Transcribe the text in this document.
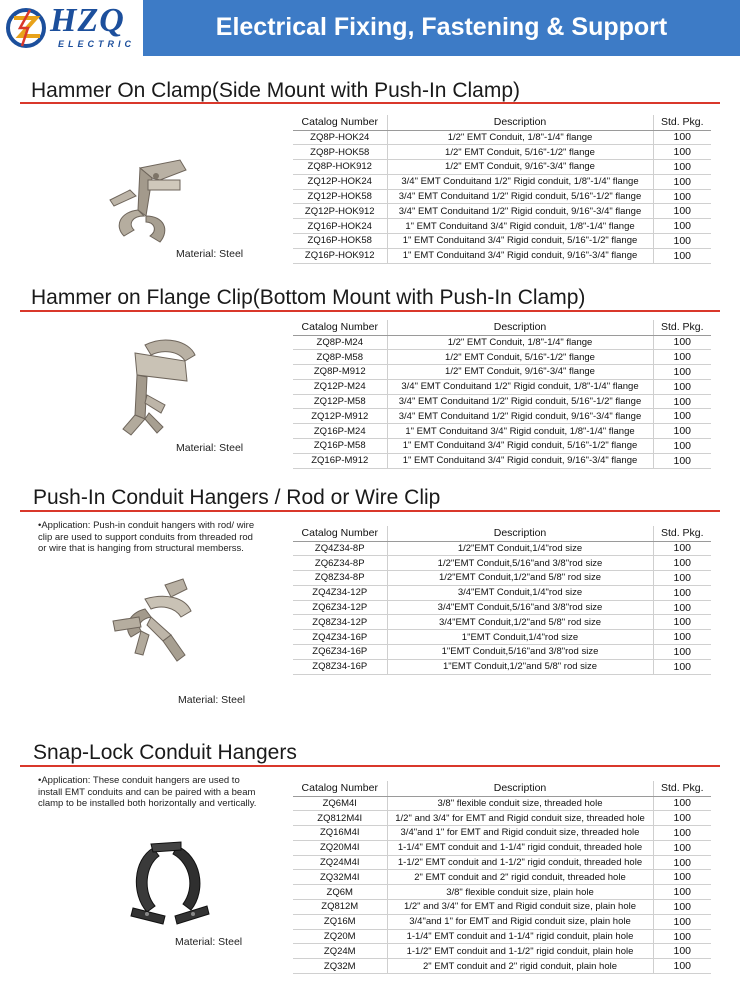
HZQ
ELECTRIC
Electrical Fixing, Fastening & Support
Hammer On Clamp(Side Mount with Push-In Clamp)
Material: Steel
Catalog Number	Description	Std. Pkg.
ZQ8P-HOK24	1/2" EMT Conduit, 1/8"-1/4" flange	100
ZQ8P-HOK58	1/2" EMT Conduit, 5/16"-1/2" flange	100
ZQ8P-HOK912	1/2" EMT Conduit, 9/16"-3/4" flange	100
ZQ12P-HOK24	3/4" EMT Conduitand 1/2" Rigid conduit, 1/8"-1/4" flange	100
ZQ12P-HOK58	3/4" EMT Conduitand 1/2" Rigid conduit, 5/16"-1/2" flange	100
ZQ12P-HOK912	3/4" EMT Conduitand 1/2" Rigid conduit, 9/16"-3/4" flange	100
ZQ16P-HOK24	1" EMT Conduitand 3/4" Rigid conduit, 1/8"-1/4" flange	100
ZQ16P-HOK58	1" EMT Conduitand 3/4" Rigid conduit, 5/16"-1/2" flange	100
ZQ16P-HOK912	1" EMT Conduitand 3/4" Rigid conduit, 9/16"-3/4" flange	100
Hammer on Flange Clip(Bottom Mount with Push-In Clamp)
Material: Steel
Catalog Number	Description	Std. Pkg.
ZQ8P-M24	1/2" EMT Conduit, 1/8"-1/4" flange	100
ZQ8P-M58	1/2" EMT Conduit, 5/16"-1/2" flange	100
ZQ8P-M912	1/2" EMT Conduit, 9/16"-3/4" flange	100
ZQ12P-M24	3/4" EMT Conduitand 1/2" Rigid conduit, 1/8"-1/4" flange	100
ZQ12P-M58	3/4" EMT Conduitand 1/2" Rigid conduit, 5/16"-1/2" flange	100
ZQ12P-M912	3/4" EMT Conduitand 1/2" Rigid conduit, 9/16"-3/4" flange	100
ZQ16P-M24	1" EMT Conduitand 3/4" Rigid conduit, 1/8"-1/4" flange	100
ZQ16P-M58	1" EMT Conduitand 3/4" Rigid conduit, 5/16"-1/2" flange	100
ZQ16P-M912	1" EMT Conduitand 3/4" Rigid conduit, 9/16"-3/4" flange	100
Push-In Conduit Hangers / Rod or Wire Clip
•Application: Push-in conduit hangers with rod/ wire clip are used to support conduits from threaded rod or wire that is hanging from structural memberss.
Material: Steel
Catalog Number	Description	Std. Pkg.
ZQ4Z34-8P	1/2"EMT Conduit,1/4"rod size	100
ZQ6Z34-8P	1/2"EMT Conduit,5/16"and 3/8"rod size	100
ZQ8Z34-8P	1/2"EMT Conduit,1/2"and 5/8" rod size	100
ZQ4Z34-12P	3/4"EMT Conduit,1/4"rod size	100
ZQ6Z34-12P	3/4"EMT Conduit,5/16"and 3/8"rod size	100
ZQ8Z34-12P	3/4"EMT Conduit,1/2"and 5/8" rod size	100
ZQ4Z34-16P	1"EMT Conduit,1/4"rod size	100
ZQ6Z34-16P	1"EMT Conduit,5/16"and 3/8"rod size	100
ZQ8Z34-16P	1"EMT Conduit,1/2"and 5/8" rod size	100
Snap-Lock Conduit Hangers
•Application: These conduit hangers are used to install EMT conduits and can be paired with a beam clamp to be installed both horizontally and vertically.
Material: Steel
Catalog Number	Description	Std. Pkg.
ZQ6M4I	3/8" flexible conduit size, threaded hole	100
ZQ812M4I	1/2" and 3/4" for EMT and Rigid conduit size, threaded hole	100
ZQ16M4I	3/4"and 1" for EMT and Rigid conduit size, threaded hole	100
ZQ20M4I	1-1/4" EMT conduit and 1-1/4" rigid conduit, threaded hole	100
ZQ24M4I	1-1/2" EMT conduit and 1-1/2" rigid conduit, threaded hole	100
ZQ32M4I	2" EMT conduit and 2" rigid conduit, threaded hole	100
ZQ6M	3/8" flexible conduit size, plain hole	100
ZQ812M	1/2" and 3/4" for EMT and Rigid conduit size, plain hole	100
ZQ16M	3/4"and 1" for EMT and Rigid conduit size, plain hole	100
ZQ20M	1-1/4" EMT conduit and 1-1/4" rigid conduit, plain hole	100
ZQ24M	1-1/2" EMT conduit and 1-1/2" rigid conduit, plain hole	100
ZQ32M	2" EMT conduit and 2" rigid conduit, plain hole	100
